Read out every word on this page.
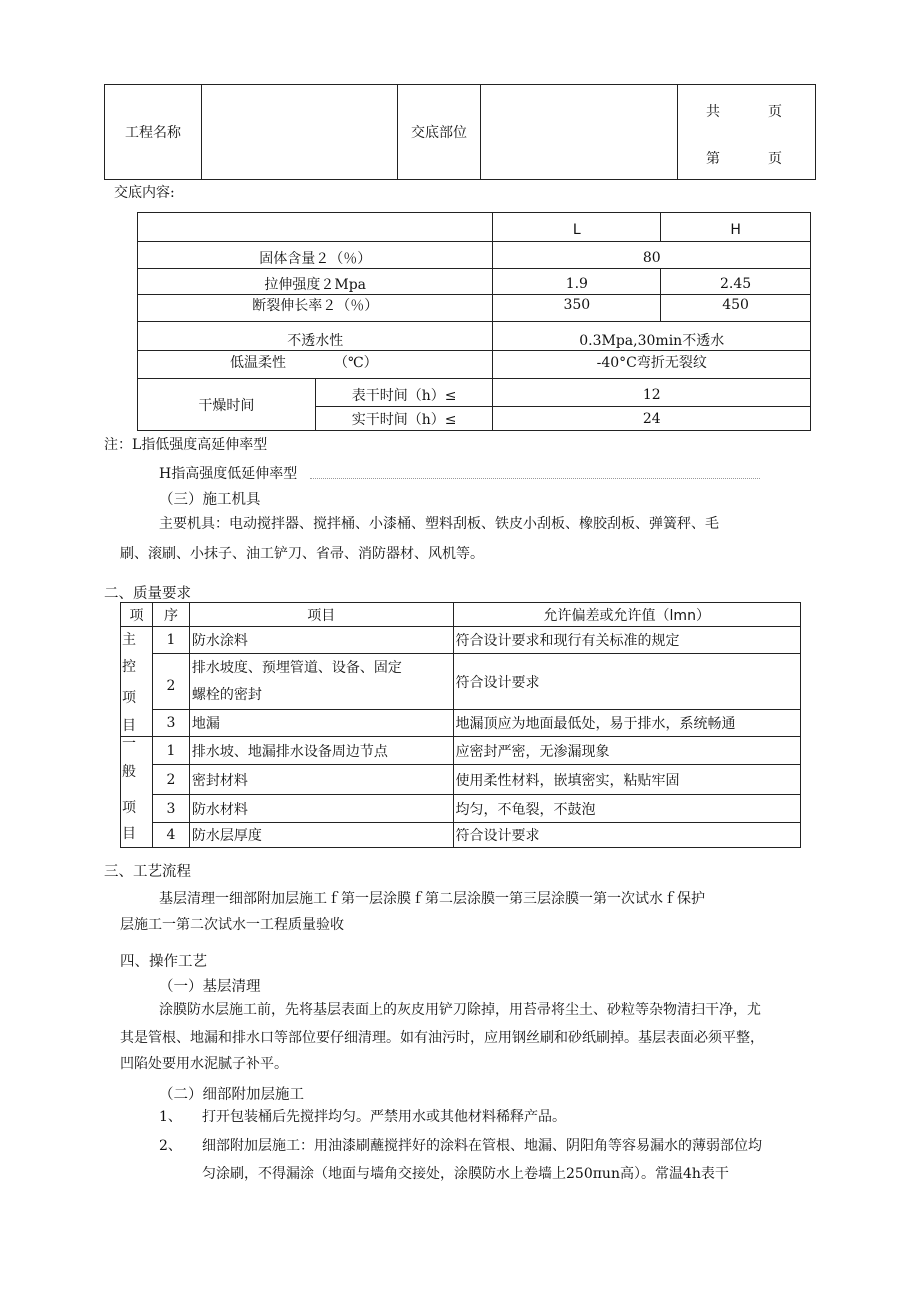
工程名称		交底部位		
共	页
第	页
交底内容:
		L	H
固体含量２（％）		80	
拉伸强度２Mpa		1.9	2.45
断裂伸长率２（％）		350	450
不透水性		0.3Mpa,30min不透水	
低温柔性 （℃）		-40°C弯折无裂纹	
干燥时间	表干时间（h）≤	12	
	实干时间（h）≤	24	
注：L指低强度高延伸率型
H指高强度低延伸率型
（三）施工机具
主要机具：电动搅拌器、搅拌桶、小漆桶、塑料刮板、铁皮小刮板、橡胶刮板、弹簧秤、毛
刷、滚刷、小抹子、油工铲刀、省帚、消防器材、风机等。
二、质量要求
项	序	项目	允许偏差或允许值（lmn）

主
控
项
目	1	防水涂料	符合设计要求和现行有关标准的规定
	2	排水坡度、预埋管道、设备、固定
螺栓的密封	符合设计要求
	3	地漏	地漏顶应为地面最低处，易于排水，系统畅通

一
般
项
目	1	排水坡、地漏排水设备周边节点	应密封严密，无渗漏现象
	2	密封材料	使用柔性材料，嵌填密实，粘贴牢固
	3	防水材料	均匀，不龟裂，不鼓泡
	4	防水层厚度	符合设计要求
三、工艺流程
基层清理一细部附加层施工ｆ第一层涂膜ｆ第二层涂膜一第三层涂膜一第一次试水ｆ保护
层施工一第二次试水一工程质量验收
四、操作工艺
（一）基层清理
涂膜防水层施工前，先将基层表面上的灰皮用铲刀除掉，用苔帚将尘土、砂粒等杂物清扫干净，尤
其是管根、地漏和排水口等部位要仔细清理。如有油污时，应用钢丝刷和砂纸刷掉。基层表面必须平整，
凹陷处要用水泥腻子补平。
（二）细部附加层施工
1、 打开包装桶后先搅拌均匀。严禁用水或其他材料稀释产品。
2、 细部附加层施工：用油漆刷蘸搅拌好的涂料在管根、地漏、阴阳角等容易漏水的薄弱部位均
匀涂刷，不得漏涂（地面与墙角交接处，涂膜防水上卷墙上250πun高）。常温4h表干
